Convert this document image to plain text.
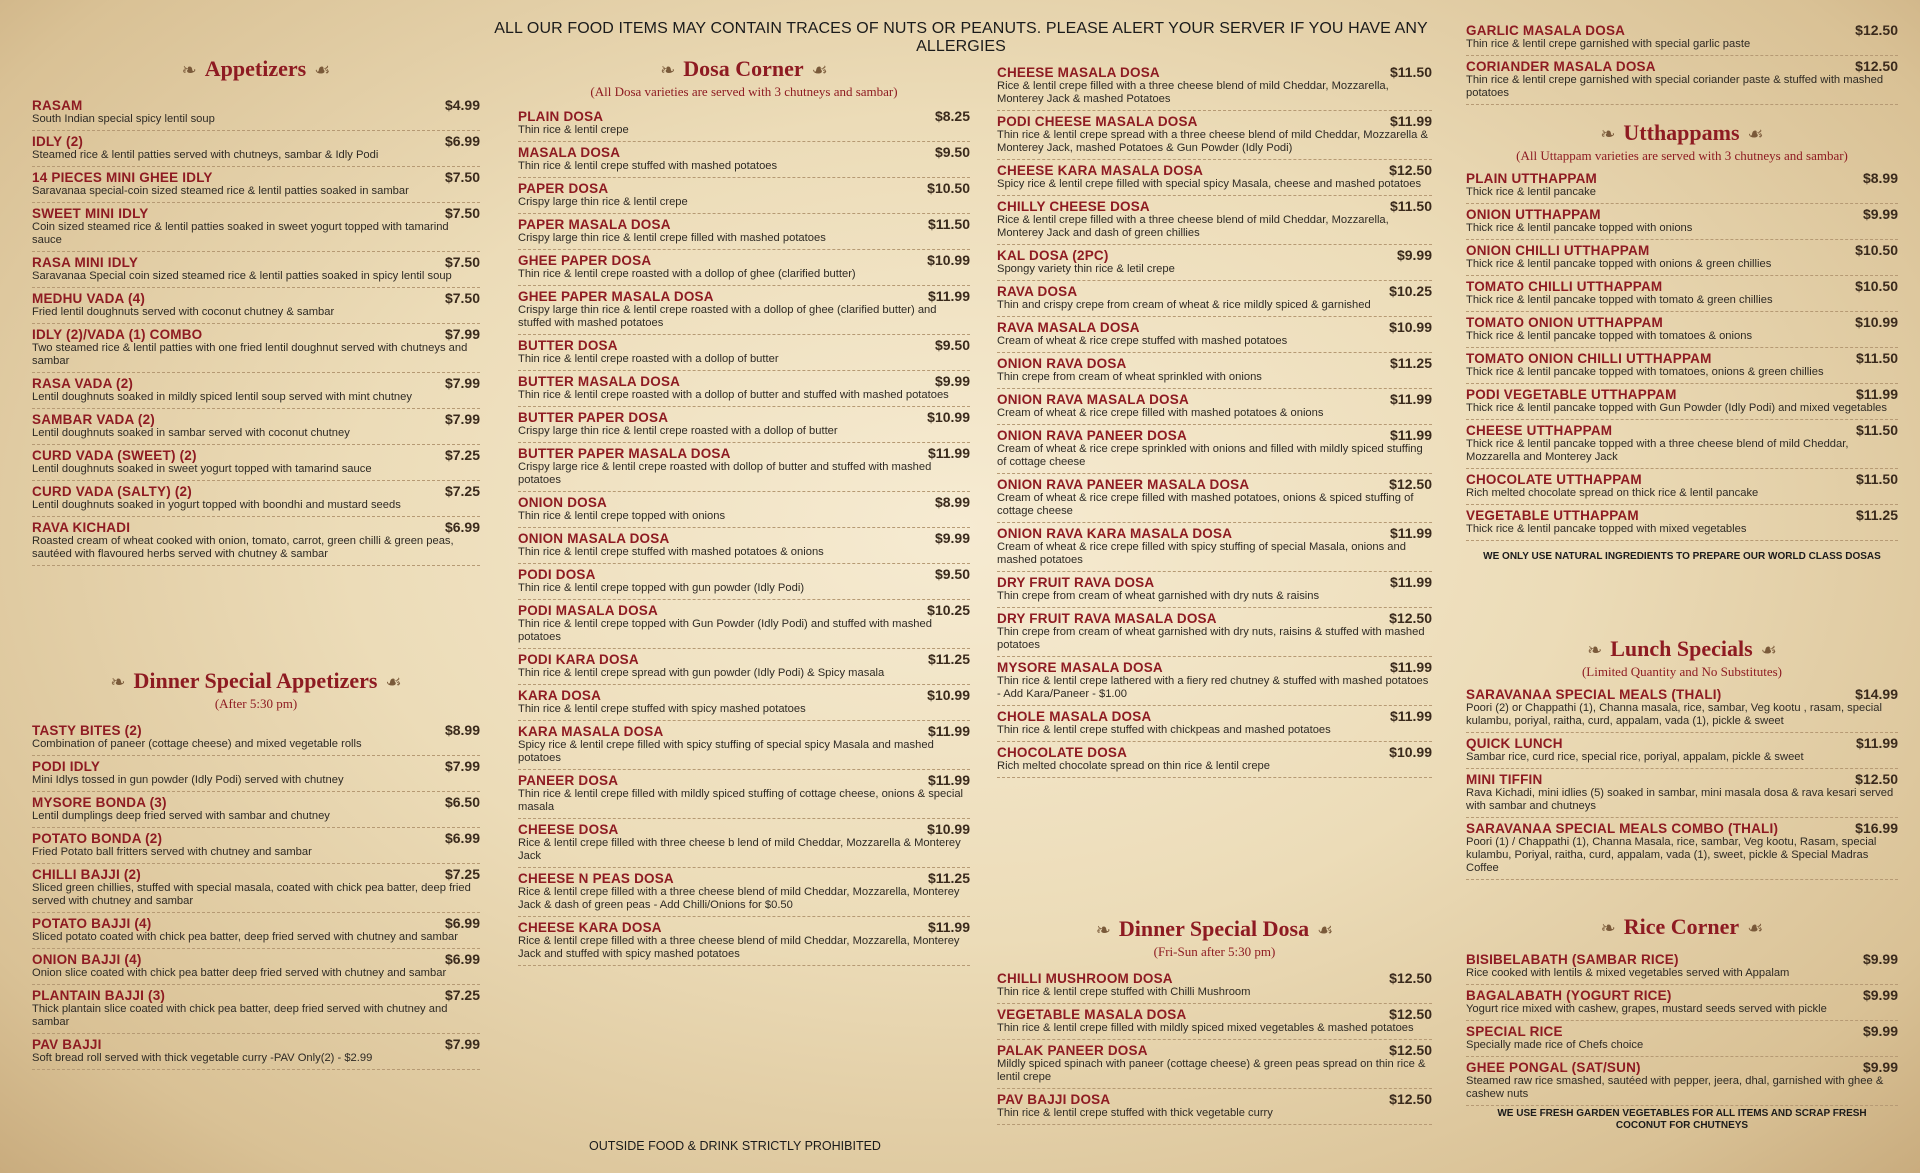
ALL OUR FOOD ITEMS MAY CONTAIN TRACES OF NUTS OR PEANUTS. PLEASE ALERT YOUR SERVER IF YOU HAVE ANY ALLERGIES
❧ Appetizers ☙
RASAM	$4.99
South Indian special spicy lentil soup
IDLY (2)	$6.99
Steamed rice & lentil patties served with chutneys, sambar & Idly Podi
14 PIECES MINI GHEE IDLY	$7.50
Saravanaa special-coin sized steamed rice & lentil patties soaked in sambar
SWEET MINI IDLY	$7.50
Coin sized steamed rice & lentil patties soaked in sweet yogurt topped with tamarind sauce
RASA MINI IDLY	$7.50
Saravanaa Special coin sized steamed rice & lentil patties soaked in spicy lentil soup
MEDHU VADA (4)	$7.50
Fried lentil doughnuts served with coconut chutney & sambar
IDLY (2)/VADA (1) COMBO	$7.99
Two steamed rice & lentil patties with one fried lentil doughnut served with chutneys and sambar
RASA VADA (2)	$7.99
Lentil doughnuts soaked in mildly spiced lentil soup served with mint chutney
SAMBAR VADA (2)	$7.99
Lentil doughnuts soaked in sambar served with coconut chutney
CURD VADA (SWEET) (2)	$7.25
Lentil doughnuts soaked in sweet yogurt topped with tamarind sauce
CURD VADA (SALTY) (2)	$7.25
Lentil doughnuts soaked in yogurt topped with boondhi and mustard seeds
RAVA KICHADI	$6.99
Roasted cream of wheat cooked with onion, tomato, carrot, green chilli & green peas, sautéed with flavoured herbs served with chutney & sambar
❧ Dinner Special Appetizers ☙
(After 5:30 pm)
TASTY BITES (2)	$8.99
Combination of paneer (cottage cheese) and mixed vegetable rolls
PODI IDLY	$7.99
Mini Idlys tossed in gun powder (Idly Podi) served with chutney
MYSORE BONDA (3)	$6.50
Lentil dumplings deep fried served with sambar and chutney
POTATO BONDA (2)	$6.99
Fried Potato ball fritters served with chutney and sambar
CHILLI BAJJI (2)	$7.25
Sliced green chillies, stuffed with special masala, coated with chick pea batter, deep fried served with chutney and sambar
POTATO BAJJI (4)	$6.99
Sliced potato coated with chick pea batter, deep fried served with chutney and sambar
ONION BAJJI (4)	$6.99
Onion slice coated with chick pea batter deep fried served with chutney and sambar
PLANTAIN BAJJI (3)	$7.25
Thick plantain slice coated with chick pea batter, deep fried served with chutney and sambar
PAV BAJJI	$7.99
Soft bread roll served with thick vegetable curry -PAV Only(2) - $2.99
❧ Dosa Corner ☙
(All Dosa varieties are served with 3 chutneys and sambar)
PLAIN DOSA	$8.25
Thin rice & lentil crepe
MASALA DOSA	$9.50
Thin rice & lentil crepe stuffed with mashed potatoes
PAPER DOSA	$10.50
Crispy large thin rice & lentil crepe
PAPER MASALA DOSA	$11.50
Crispy large thin rice & lentil crepe filled with mashed potatoes
GHEE PAPER DOSA	$10.99
Thin rice & lentil crepe roasted with a dollop of ghee (clarified butter)
GHEE PAPER MASALA DOSA	$11.99
Crispy large thin rice & lentil crepe roasted with a dollop of ghee (clarified butter) and stuffed with mashed potatoes
BUTTER DOSA	$9.50
Thin rice & lentil crepe roasted with a dollop of butter
BUTTER MASALA DOSA	$9.99
Thin rice & lentil crepe roasted with a dollop of butter and stuffed with mashed potatoes
BUTTER PAPER DOSA	$10.99
Crispy large thin rice & lentil crepe roasted with a dollop of butter
BUTTER PAPER MASALA DOSA	$11.99
Crispy large rice & lentil crepe roasted with dollop of butter and stuffed with mashed potatoes
ONION DOSA	$8.99
Thin rice & lentil crepe topped with onions
ONION MASALA DOSA	$9.99
Thin rice & lentil crepe stuffed with mashed potatoes & onions
PODI DOSA	$9.50
Thin rice & lentil crepe topped with gun powder (Idly Podi)
PODI MASALA DOSA	$10.25
Thin rice & lentil crepe topped with Gun Powder (Idly Podi) and stuffed with mashed potatoes
PODI KARA DOSA	$11.25
Thin rice & lentil crepe spread with gun powder (Idly Podi) & Spicy masala
KARA DOSA	$10.99
Thin rice & lentil crepe stuffed with spicy mashed potatoes
KARA MASALA DOSA	$11.99
Spicy rice & lentil crepe filled with spicy stuffing of special spicy Masala and mashed potatoes
PANEER DOSA	$11.99
Thin rice & lentil crepe filled with mildly spiced stuffing of cottage cheese, onions & special masala
CHEESE DOSA	$10.99
Rice & lentil crepe filled with three cheese b lend of mild Cheddar, Mozzarella & Monterey Jack
CHEESE N PEAS DOSA	$11.25
Rice & lentil crepe filled with a three cheese blend of mild Cheddar, Mozzarella, Monterey Jack & dash of green peas - Add Chilli/Onions for $0.50
CHEESE KARA DOSA	$11.99
Rice & lentil crepe filled with a three cheese blend of mild Cheddar, Mozzarella, Monterey Jack and stuffed with spicy mashed potatoes
OUTSIDE FOOD & DRINK STRICTLY PROHIBITED
CHEESE MASALA DOSA	$11.50
Rice & lentil crepe filled with a three cheese blend of mild Cheddar, Mozzarella, Monterey Jack & mashed Potatoes
PODI CHEESE MASALA DOSA	$11.99
Thin rice & lentil crepe spread with a three cheese blend of mild Cheddar, Mozzarella & Monterey Jack, mashed Potatoes & Gun Powder (Idly Podi)
CHEESE KARA MASALA DOSA	$12.50
Spicy rice & lentil crepe filled with special spicy Masala, cheese and mashed potatoes
CHILLY CHEESE DOSA	$11.50
Rice & lentil crepe filled with a three cheese blend of mild Cheddar, Mozzarella, Monterey Jack and dash of green chillies
KAL DOSA (2PC)	$9.99
Spongy variety thin rice & letil crepe
RAVA DOSA	$10.25
Thin and crispy crepe from cream of wheat & rice mildly spiced & garnished
RAVA MASALA DOSA	$10.99
Cream of wheat & rice crepe stuffed with mashed potatoes
ONION RAVA DOSA	$11.25
Thin crepe from cream of wheat sprinkled with onions
ONION RAVA MASALA DOSA	$11.99
Cream of wheat & rice crepe filled with mashed potatoes & onions
ONION RAVA PANEER DOSA	$11.99
Cream of wheat & rice crepe sprinkled with onions and filled with mildly spiced stuffing of cottage cheese
ONION RAVA PANEER MASALA DOSA	$12.50
Cream of wheat & rice crepe filled with mashed potatoes, onions & spiced stuffing of cottage cheese
ONION RAVA KARA MASALA DOSA	$11.99
Cream of wheat & rice crepe filled with spicy stuffing of special Masala, onions and mashed potatoes
DRY FRUIT RAVA DOSA	$11.99
Thin crepe from cream of wheat garnished with dry nuts & raisins
DRY FRUIT RAVA MASALA DOSA	$12.50
Thin crepe from cream of wheat garnished with dry nuts, raisins & stuffed with mashed potatoes
MYSORE MASALA DOSA	$11.99
Thin rice & lentil crepe lathered with a fiery red chutney & stuffed with mashed potatoes - Add Kara/Paneer - $1.00
CHOLE MASALA DOSA	$11.99
Thin rice & lentil crepe stuffed with chickpeas and mashed potatoes
CHOCOLATE DOSA	$10.99
Rich melted chocolate spread on thin rice & lentil crepe
❧ Dinner Special Dosa ☙
(Fri-Sun after 5:30 pm)
CHILLI MUSHROOM DOSA	$12.50
Thin rice & lentil crepe stuffed with Chilli Mushroom
VEGETABLE MASALA DOSA	$12.50
Thin rice & lentil crepe filled with mildly spiced mixed vegetables & mashed potatoes
PALAK PANEER DOSA	$12.50
Mildly spiced spinach with paneer (cottage cheese) & green peas spread on thin rice & lentil crepe
PAV BAJJI DOSA	$12.50
Thin rice & lentil crepe stuffed with thick vegetable curry
GARLIC MASALA DOSA	$12.50
Thin rice & lentil crepe garnished with special garlic paste
CORIANDER MASALA DOSA	$12.50
Thin rice & lentil crepe garnished with special coriander paste & stuffed with mashed potatoes
❧ Utthappams ☙
(All Uttappam varieties are served with 3 chutneys and sambar)
PLAIN UTTHAPPAM	$8.99
Thick rice & lentil pancake
ONION UTTHAPPAM	$9.99
Thick rice & lentil pancake topped with onions
ONION CHILLI UTTHAPPAM	$10.50
Thick rice & lentil pancake topped with onions & green chillies
TOMATO CHILLI UTTHAPPAM	$10.50
Thick rice & lentil pancake topped with tomato & green chillies
TOMATO ONION UTTHAPPAM	$10.99
Thick rice & lentil pancake topped with tomatoes & onions
TOMATO ONION CHILLI UTTHAPPAM	$11.50
Thick rice & lentil pancake topped with tomatoes, onions & green chillies
PODI VEGETABLE UTTHAPPAM	$11.99
Thick rice & lentil pancake topped with Gun Powder (Idly Podi) and mixed vegetables
CHEESE UTTHAPPAM	$11.50
Thick rice & lentil pancake topped with a three cheese blend of mild Cheddar, Mozzarella and Monterey Jack
CHOCOLATE UTTHAPPAM	$11.50
Rich melted chocolate spread on thick rice & lentil pancake
VEGETABLE UTTHAPPAM	$11.25
Thick rice & lentil pancake topped with mixed vegetables
WE ONLY USE NATURAL INGREDIENTS TO PREPARE OUR WORLD CLASS DOSAS
❧ Lunch Specials ☙
(Limited Quantity and No Substitutes)
SARAVANAA SPECIAL MEALS (THALI)	$14.99
Poori (2) or Chappathi (1), Channa masala, rice, sambar, Veg kootu , rasam, special kulambu, poriyal, raitha, curd, appalam, vada (1), pickle & sweet
QUICK LUNCH	$11.99
Sambar rice, curd rice, special rice, poriyal, appalam, pickle & sweet
MINI TIFFIN	$12.50
Rava Kichadi, mini idlies (5) soaked in sambar, mini masala dosa & rava kesari served with sambar and chutneys
SARAVANAA SPECIAL MEALS COMBO (THALI)	$16.99
Poori (1) / Chappathi (1), Channa Masala, rice, sambar, Veg kootu, Rasam, special kulambu, Poriyal, raitha, curd, appalam, vada (1), sweet, pickle & Special Madras Coffee
❧ Rice Corner ☙
BISIBELABATH (SAMBAR RICE)	$9.99
Rice cooked with lentils & mixed vegetables served with Appalam
BAGALABATH (YOGURT RICE)	$9.99
Yogurt rice mixed with cashew, grapes, mustard seeds served with pickle
SPECIAL RICE	$9.99
Specially made rice of Chefs choice
GHEE PONGAL (SAT/SUN)	$9.99
Steamed raw rice smashed, sautéed with pepper, jeera, dhal, garnished with ghee & cashew nuts
WE USE FRESH GARDEN VEGETABLES FOR ALL ITEMS AND SCRAP FRESH COCONUT FOR CHUTNEYS
